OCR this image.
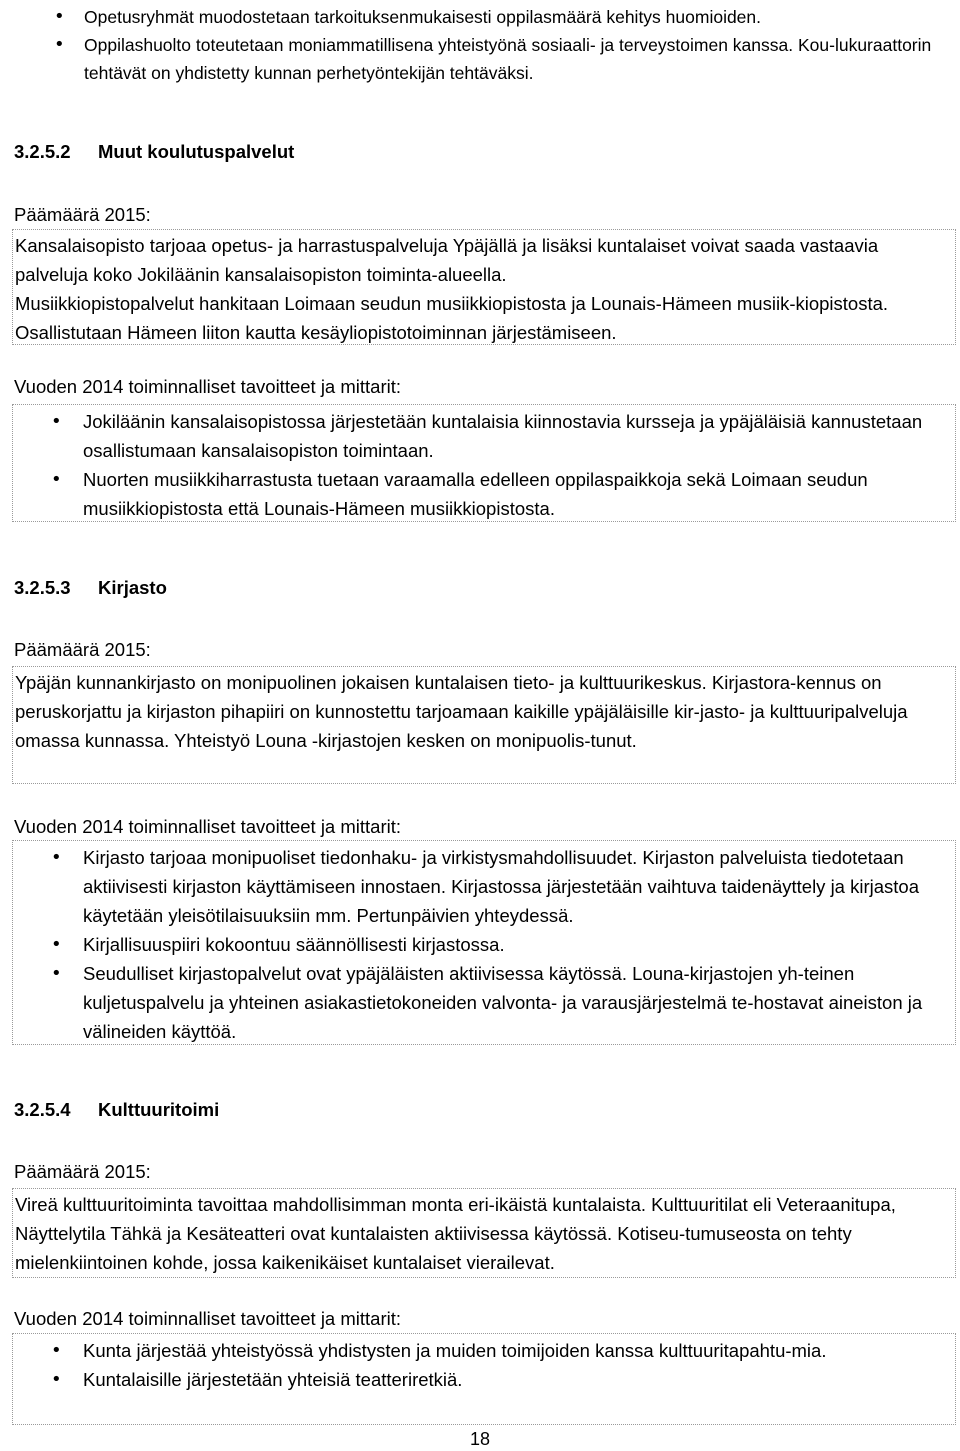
• Opetusryhmät muodostetaan tarkoituksenmukaisesti oppilasmäärä kehitys huomioiden.
• Oppilashuolto toteutetaan moniammatillisena yhteistyönä sosiaali- ja terveystoimen kanssa. Kou-lukuraattorin tehtävät on yhdistetty kunnan perhetyöntekijän tehtäväksi.
3.2.5.2 Muut koulutuspalvelut
Päämäärä 2015:

Kansalaisopisto tarjoaa opetus- ja harrastuspalveluja Ypäjällä ja lisäksi kuntalaiset voivat saada vastaavia palveluja koko Jokiläänin kansalaisopiston toiminta-alueella.

Musiikkiopistopalvelut hankitaan Loimaan seudun musiikkiopistosta ja Lounais-Hämeen musiik-kiopistosta. Osallistutaan Hämeen liiton kautta kesäyliopistotoiminnan järjestämiseen.

Vuoden 2014 toiminnalliset tavoitteet ja mittarit:
• Jokiläänin kansalaisopistossa järjestetään kuntalaisia kiinnostavia kursseja ja ypäjäläisiä kannustetaan osallistumaan kansalaisopiston toimintaan.
• Nuorten musiikkiharrastusta tuetaan varaamalla edelleen oppilaspaikkoja sekä Loimaan seudun musiikkiopistosta että Lounais-Hämeen musiikkiopistosta.
3.2.5.3 Kirjasto
Päämäärä 2015:

Ypäjän kunnankirjasto on monipuolinen jokaisen kuntalaisen tieto- ja kulttuurikeskus. Kirjastora-kennus on peruskorjattu ja kirjaston pihapiiri on kunnostettu tarjoamaan kaikille ypäjäläisille kir-jasto- ja kulttuuripalveluja omassa kunnassa. Yhteistyö Louna -kirjastojen kesken on monipuolis-tunut.

Vuoden 2014 toiminnalliset tavoitteet ja mittarit:
• Kirjasto tarjoaa monipuoliset tiedonhaku- ja virkistysmahdollisuudet. Kirjaston palveluista tiedotetaan aktiivisesti kirjaston käyttämiseen innostaen. Kirjastossa järjestetään vaihtuva taidenäyttely ja kirjastoa käytetään yleisötilaisuuksiin mm. Pertunpäivien yhteydessä.
• Kirjallisuuspiiri kokoontuu säännöllisesti kirjastossa.
• Seudulliset kirjastopalvelut ovat ypäjäläisten aktiivisessa käytössä. Louna-kirjastojen yh-teinen kuljetuspalvelu ja yhteinen asiakastietokoneiden valvonta- ja varausjärjestelmä te-hostavat aineiston ja välineiden käyttöä.
3.2.5.4 Kulttuuritoimi
Päämäärä 2015:

Vireä kulttuuritoiminta tavoittaa mahdollisimman monta eri-ikäistä kuntalaista. Kulttuuritilat eli Veteraanitupa, Näyttelytila Tähkä ja Kesäteatteri ovat kuntalaisten aktiivisessa käytössä. Kotiseu-tumuseosta on tehty mielenkiintoinen kohde, jossa kaikenikäiset kuntalaiset vierailevat.

Vuoden 2014 toiminnalliset tavoitteet ja mittarit:
• Kunta järjestää yhteistyössä yhdistysten ja muiden toimijoiden kanssa kulttuuritapahtu-mia.
• Kuntalaisille järjestetään yhteisiä teatteriretkiä.
18
